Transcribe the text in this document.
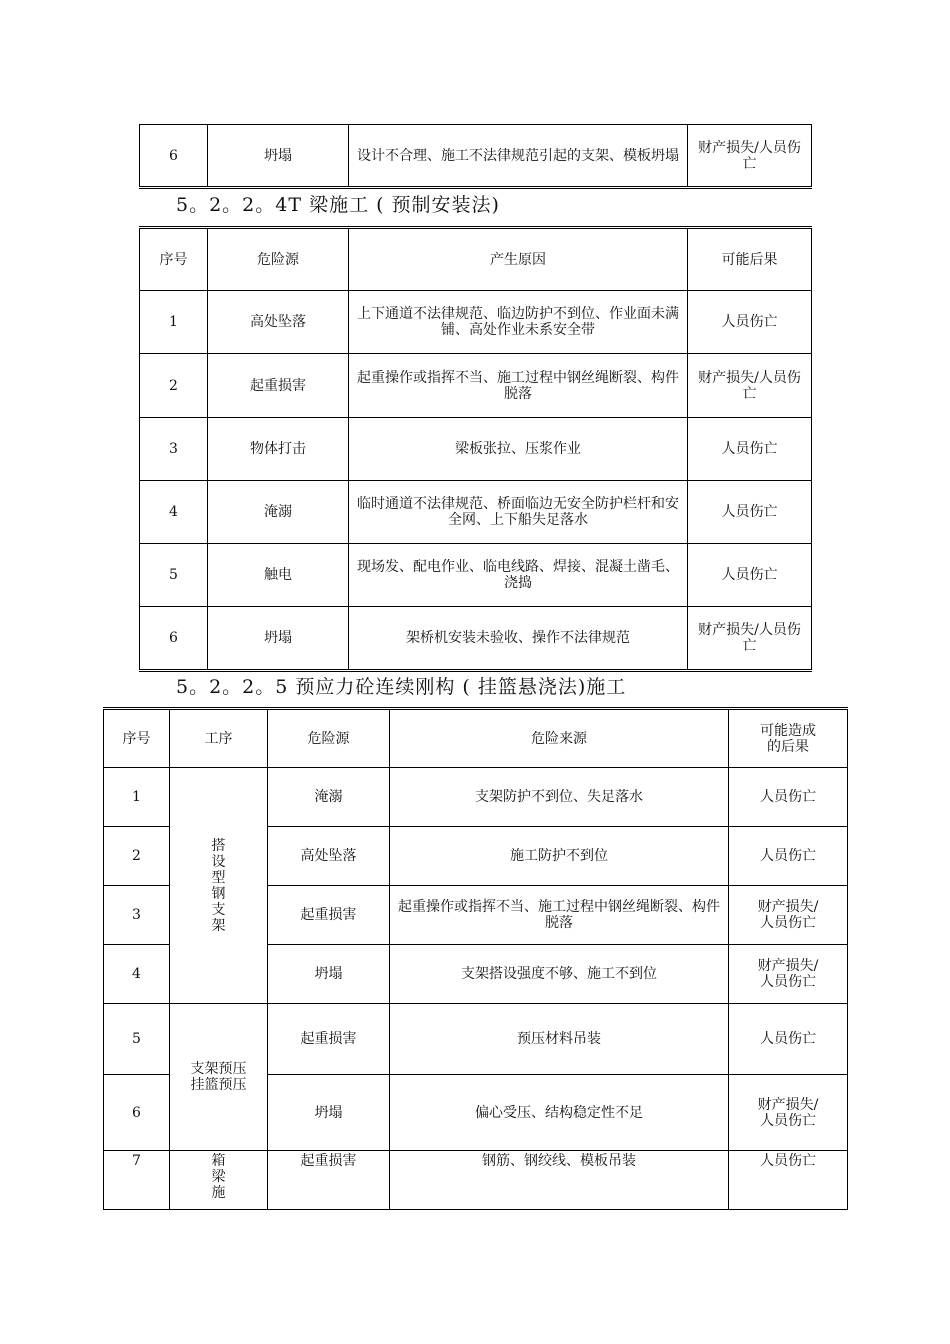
6	坍塌	设计不合理、施工不法律规范引起的支架、模板坍塌	财产损失/人员伤亡
5。2。2。4T 梁施工 ( 预制安装法)
序号	危险源	产生原因	可能后果
1	高处坠落	上下通道不法律规范、临边防护不到位、作业面未满铺、高处作业未系安全带	人员伤亡
2	起重损害	起重操作或指挥不当、施工过程中钢丝绳断裂、构件脱落	财产损失/人员伤亡
3	物体打击	梁板张拉、压浆作业	人员伤亡
4	淹溺	临时通道不法律规范、桥面临边无安全防护栏杆和安全网、上下船失足落水	人员伤亡
5	触电	现场发、配电作业、临电线路、焊接、混凝土凿毛、浇捣	人员伤亡
6	坍塌	架桥机安装未验收、操作不法律规范	财产损失/人员伤亡
5。2。2。5 预应力砼连续刚构 ( 挂篮悬浇法)施工
序号	工序	危险源	危险来源	可能造成的后果

1	搭设型钢支架	淹溺	支架防护不到位、失足落水	人员伤亡
2		高处坠落	施工防护不到位	人员伤亡
3		起重损害	起重操作或指挥不当、施工过程中钢丝绳断裂、构件脱落	财产损失/人员伤亡

4		坍塌	支架搭设强度不够、施工不到位	财产损失/人员伤亡

5	支架预压挂篮预压	起重损害	预压材料吊装	人员伤亡
6		坍塌	偏心受压、结构稳定性不足	财产损失/人员伤亡

7	箱梁施	起重损害	钢筋、钢绞线、模板吊装	人员伤亡
